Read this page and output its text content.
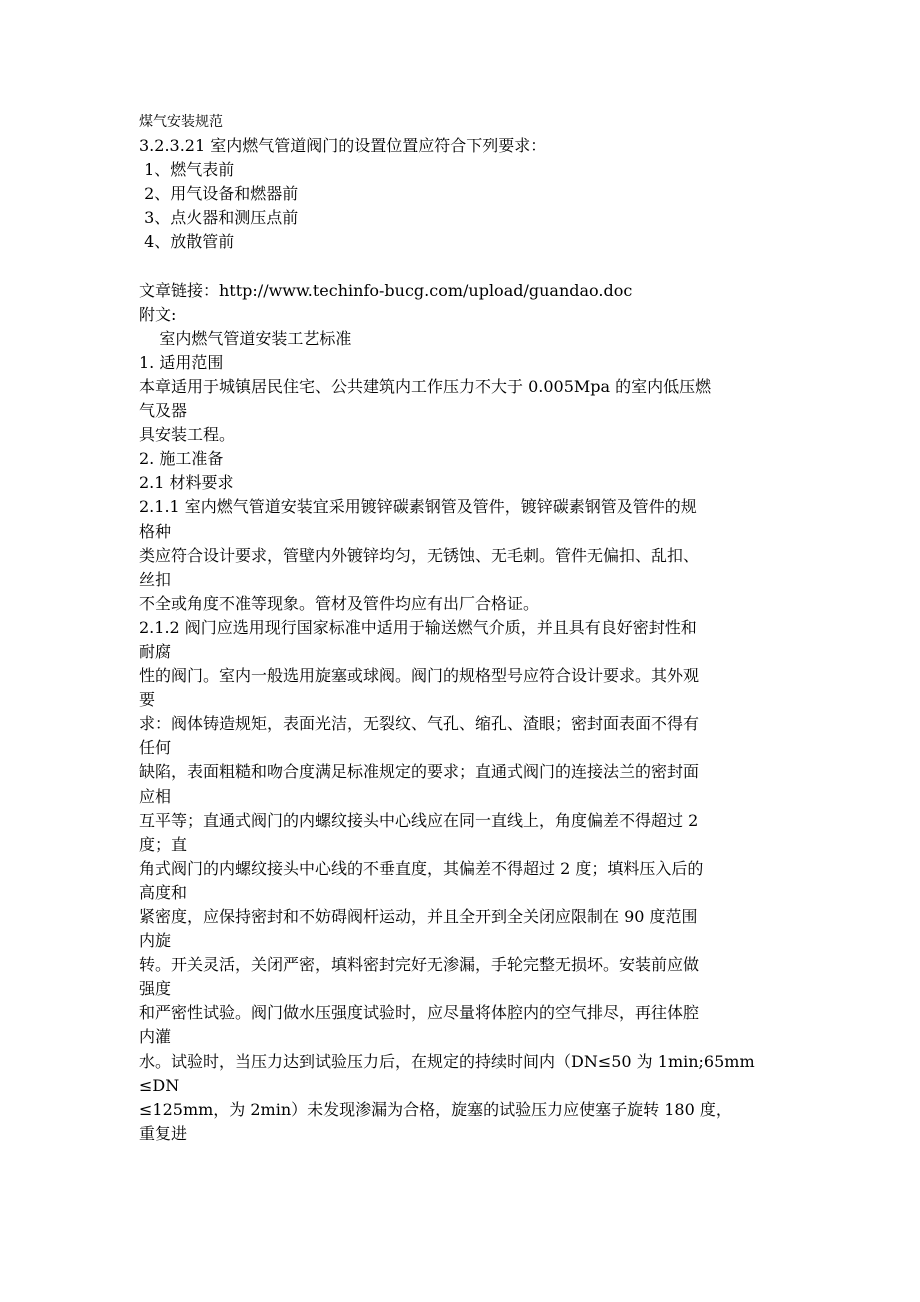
煤气安装规范
3.2.3.21 室内燃气管道阀门的设置位置应符合下列要求：
1、燃气表前
2、用气设备和燃器前
3、点火器和测压点前
4、放散管前
文章链接：http://www.techinfo-bucg.com/upload/guandao.doc
附文:
室内燃气管道安装工艺标准
1. 适用范围
本章适用于城镇居民住宅、公共建筑内工作压力不大于 0.005Mpa 的室内低压燃
气及器
具安装工程。
2. 施工准备
2.1 材料要求
2.1.1 室内燃气管道安装宜采用镀锌碳素钢管及管件，镀锌碳素钢管及管件的规
格种
类应符合设计要求，管壁内外镀锌均匀，无锈蚀、无毛刺。管件无偏扣、乱扣、
丝扣
不全或角度不准等现象。管材及管件均应有出厂合格证。
2.1.2 阀门应选用现行国家标准中适用于输送燃气介质，并且具有良好密封性和
耐腐
性的阀门。室内一般选用旋塞或球阀。阀门的规格型号应符合设计要求。其外观
要
求：阀体铸造规矩，表面光洁，无裂纹、气孔、缩孔、渣眼；密封面表面不得有
任何
缺陷，表面粗糙和吻合度满足标准规定的要求；直通式阀门的连接法兰的密封面
应相
互平等；直通式阀门的内螺纹接头中心线应在同一直线上，角度偏差不得超过 2
度；直
角式阀门的内螺纹接头中心线的不垂直度，其偏差不得超过 2 度；填料压入后的
高度和
紧密度，应保持密封和不妨碍阀杆运动，并且全开到全关闭应限制在 90 度范围
内旋
转。开关灵活，关闭严密，填料密封完好无渗漏，手轮完整无损坏。安装前应做
强度
和严密性试验。阀门做水压强度试验时，应尽量将体腔内的空气排尽，再往体腔
内灌
水。试验时，当压力达到试验压力后，在规定的持续时间内（DN≤50 为 1min;65mm
≤DN
≤125mm，为 2min）未发现渗漏为合格，旋塞的试验压力应使塞子旋转 180 度，
重复进
